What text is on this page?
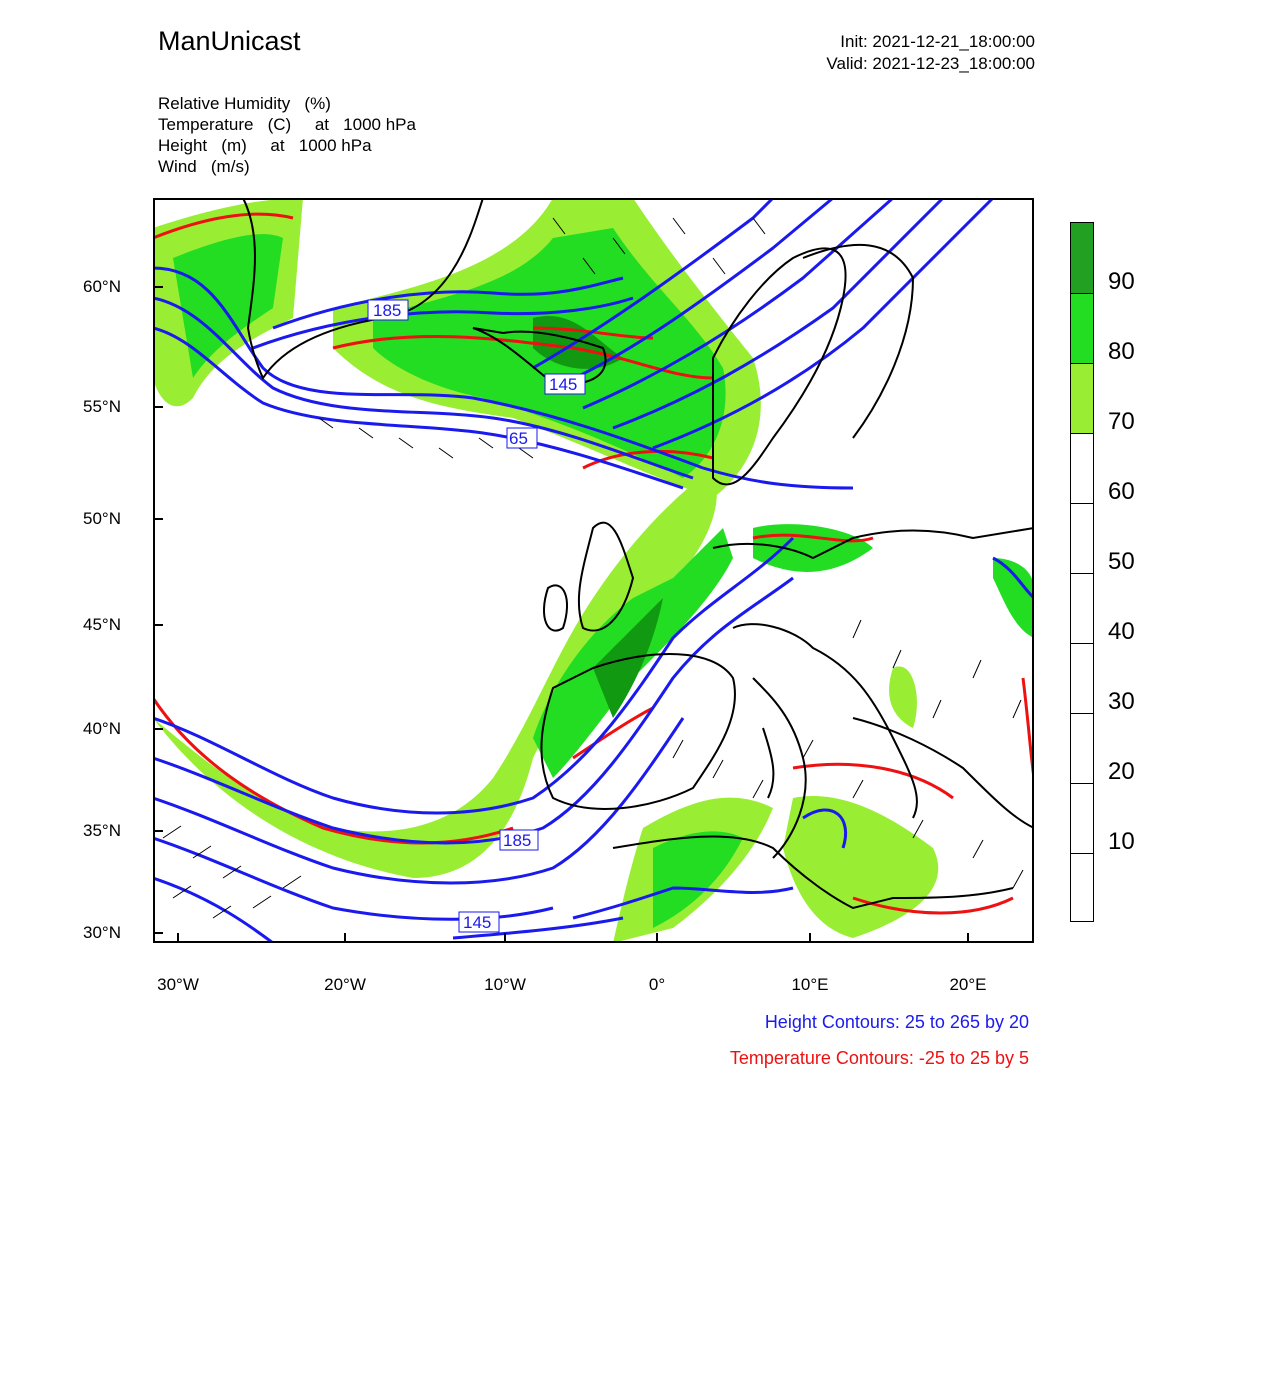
ManUnicast	Init: 2021-12-21_18:00:00
Valid: 2021-12-23_18:00:00
Relative Humidity   (%)
Temperature   (C)     at   1000 hPa
Height   (m)     at   1000 hPa
Wind   (m/s)
185
145
65
185
145
60°N
55°N
50°N
45°N
40°N
35°N
30°N
30°W	20°W	10°W	0°	10°E	20°E
90
80
70
60
50
40
30
20
10
Height Contours: 25 to 265 by 20
Temperature Contours: -25 to 25 by 5
